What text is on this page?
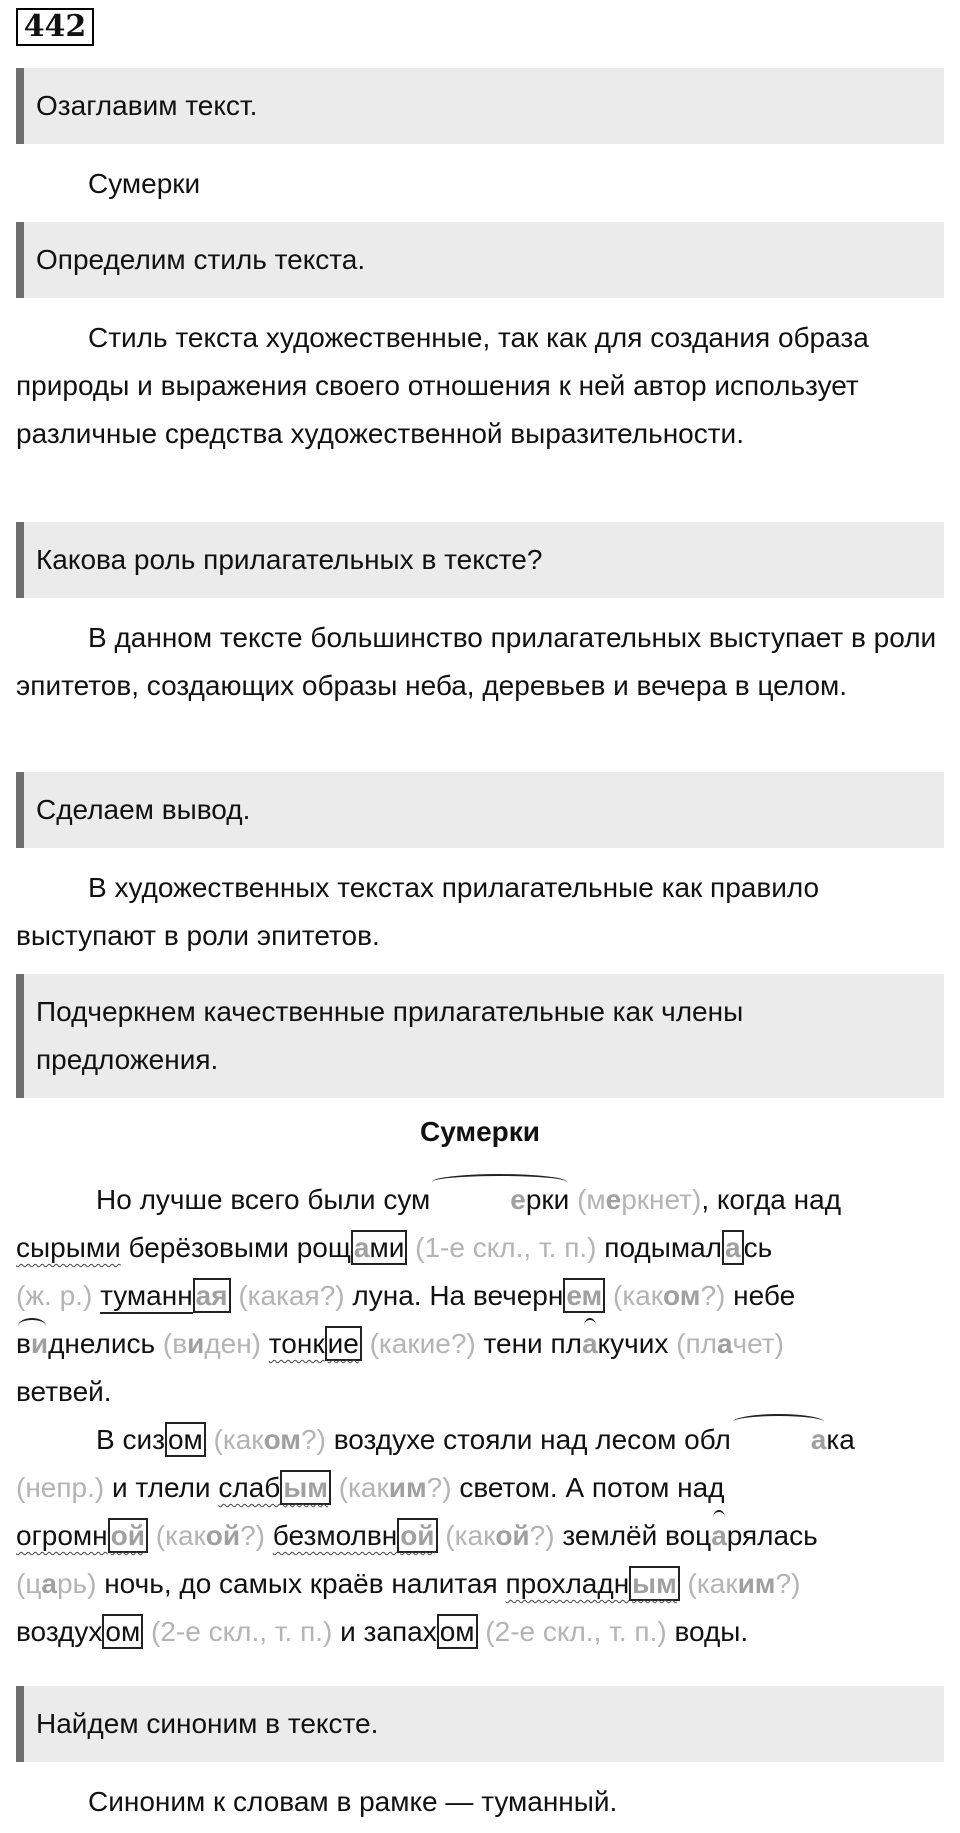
442
Озаглавим текст.

Сумерки

Определим стиль текста.

Стиль текста художественные, так как для создания образа природы и выражения своего отношения к ней автор использует различные средства художественной выразительности.

Какова роль прилагательных в тексте?

В данном тексте большинство прилагательных выступает в роли эпитетов, создающих образы неба, деревьев и вечера в целом.

Сделаем вывод.

В художественных текстах прилагательные как правило выступают в роли эпитетов.

Подчеркнем качественные прилагательные как члены предложения.
Сумерки
Но лучше всего были сум	ерки (меркнет), когда над
сырыми берёзовыми рощ ами (1-е скл., т. п.) подымал а сь
(ж. р.) туманн ая (какая?) луна. На вечерн ем (каком?) небе
виднелись (виден) тонк ие (какие?) тени плакучих (плачет)
ветвей.
В сиз ом (каком?) воздухе стояли над лесом обл	ака
(непр.) и тлели слаб ым (каким?) светом. А потом над
огромн ой (какой?) безмолвн ой (какой?) землёй воцарялась
(царь) ночь, до самых краёв налитая прохладн ым (каким?)
воздух ом (2-е скл., т. п.) и запах ом (2-е скл., т. п.) воды.
Найдем синоним в тексте.

Синоним к словам в рамке — туманный.
